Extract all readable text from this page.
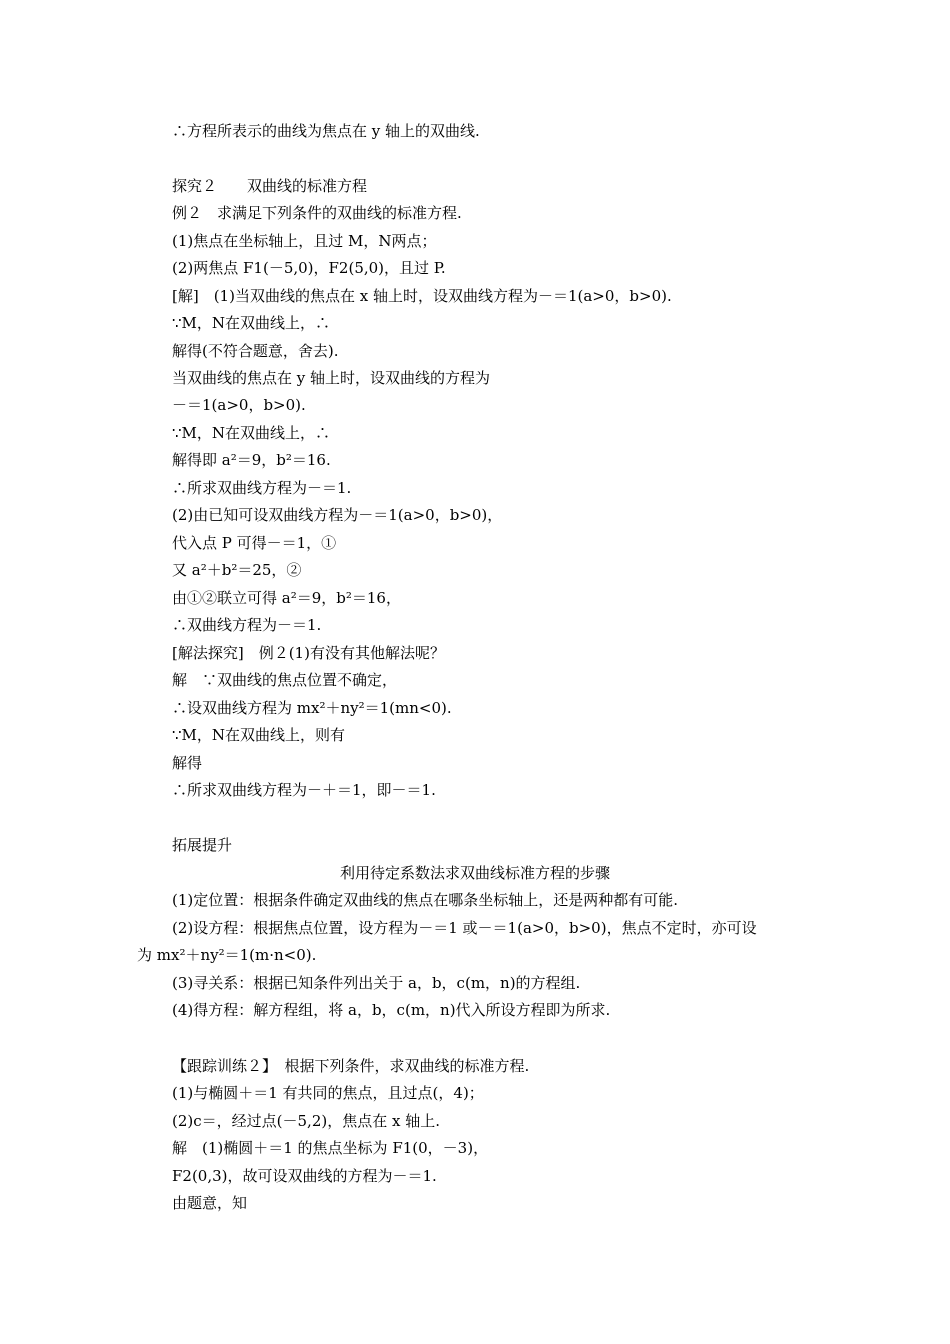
∴方程所表示的曲线为焦点在 y 轴上的双曲线.
探究２　　双曲线的标准方程
例２　求满足下列条件的双曲线的标准方程.
(1)焦点在坐标轴上，且过 M，N两点；
(2)两焦点 F1(－5,0)，F2(5,0)，且过 P.
[解]　(1)当双曲线的焦点在 x 轴上时，设双曲线方程为－＝1(a>0，b>0).
∵M，N在双曲线上，∴
解得(不符合题意，舍去).
当双曲线的焦点在 y 轴上时，设双曲线的方程为
－＝1(a>0，b>0).
∵M，N在双曲线上，∴
解得即 a²＝9，b²＝16.
∴所求双曲线方程为－＝1.
(2)由已知可设双曲线方程为－＝1(a>0，b>0)，
代入点 P 可得－＝1，①
又 a²＋b²＝25，②
由①②联立可得 a²＝9，b²＝16，
∴双曲线方程为－＝1.
[解法探究]　例２(1)有没有其他解法呢？
解　∵双曲线的焦点位置不确定，
∴设双曲线方程为 mx²＋ny²＝1(mn<0).
∵M，N在双曲线上，则有
解得
∴所求双曲线方程为－＋＝1，即－＝1.
拓展提升
利用待定系数法求双曲线标准方程的步骤
(1)定位置：根据条件确定双曲线的焦点在哪条坐标轴上，还是两种都有可能.
(2)设方程：根据焦点位置，设方程为－＝1 或－＝1(a>0，b>0)，焦点不定时，亦可设
为 mx²＋ny²＝1(m·n<0).
(3)寻关系：根据已知条件列出关于 a，b，c(m，n)的方程组.
(4)得方程：解方程组，将 a，b，c(m，n)代入所设方程即为所求.
【跟踪训练２】　根据下列条件，求双曲线的标准方程.
(1)与椭圆＋＝1 有共同的焦点，且过点(，4)；
(2)c＝，经过点(－5,2)，焦点在 x 轴上.
解　(1)椭圆＋＝1 的焦点坐标为 F1(0，－3)，
F2(0,3)，故可设双曲线的方程为－＝1.
由题意，知
